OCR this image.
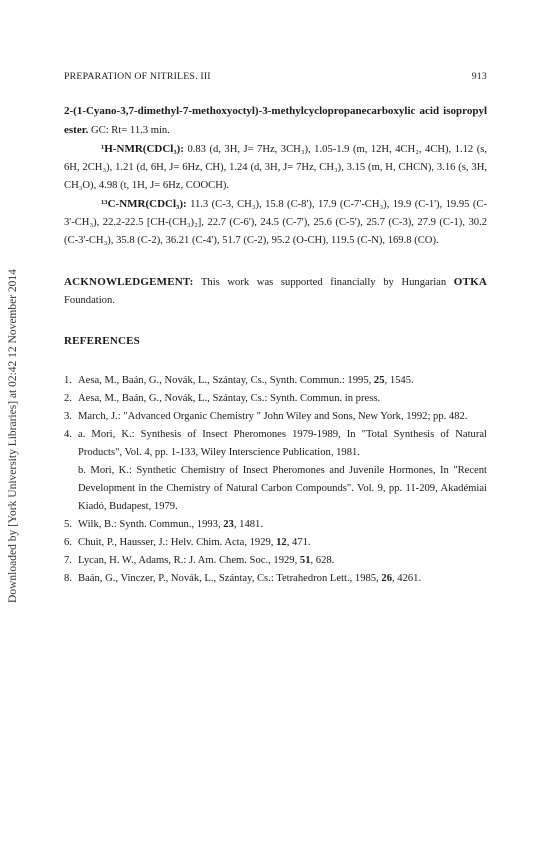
Downloaded by [York University Libraries] at 02:42 12 November 2014
PREPARATION OF NITRILES. III	913
2-(1-Cyano-3,7-dimethyl-7-methoxyoctyl)-3-methylcyclopropanecarboxylic acid isopropyl ester. GC: Rt= 11.3 min.
¹H-NMR(CDCl₃): 0.83 (d, 3H, J= 7Hz, 3CH₃), 1.05-1.9 (m, 12H, 4CH₂, 4CH), 1.12 (s, 6H, 2CH₃), 1.21 (d, 6H, J= 6Hz, CH), 1.24 (d, 3H, J= 7Hz, CH₃), 3.15 (m, H, CHCN), 3.16 (s, 3H, CH₃O), 4.98 (t, 1H, J= 6Hz, COOCH).
¹³C-NMR(CDCl₃): 11.3 (C-3, CH₃), 15.8 (C-8'), 17.9 (C-7'-CH₃), 19.9 (C-1'), 19.95 (C-3'-CH₃), 22.2-22.5 [CH-(CH₃)₂], 22.7 (C-6'), 24.5 (C-7'), 25.6 (C-5'), 25.7 (C-3), 27.9 (C-1), 30.2 (C-3'-CH₃), 35.8 (C-2), 36.21 (C-4'), 51.7 (C-2), 95.2 (O-CH), 119.5 (C-N), 169.8 (CO).
ACKNOWLEDGEMENT: This work was supported financially by Hungarian OTKA Foundation.
REFERENCES
1. Aesa, M., Baán, G., Novák, L., Szántay, Cs., Synth. Commun.: 1995, 25, 1545.
2. Aesa, M., Baán, G., Novák, L., Szántay, Cs.: Synth. Commun. in press.
3. March, J.: "Advanced Organic Chemistry " John Wiley and Sons, New York, 1992; pp. 482.
4. a. Mori, K.: Synthesis of Insect Pheromones 1979-1989, In "Total Synthesis of Natural Products", Vol. 4, pp. 1-133, Wiley Interscience Publication, 1981.
b. Mori, K.: Synthetic Chemistry of Insect Pheromones and Juvenile Hormones, In "Recent Development in the Chemistry of Natural Carbon Compounds". Vol. 9, pp. 11-209, Akadémiai Kiadó, Budapest, 1979.
5. Wilk, B.: Synth. Commun., 1993, 23, 1481.
6. Chuit, P., Hausser, J.: Helv. Chim. Acta, 1929, 12, 471.
7. Lycan, H. W., Adams, R.: J. Am. Chem. Soc., 1929, 51, 628.
8. Baán, G., Vinczer, P., Novák, L., Szántay, Cs.: Tetrahedron Lett., 1985, 26, 4261.
